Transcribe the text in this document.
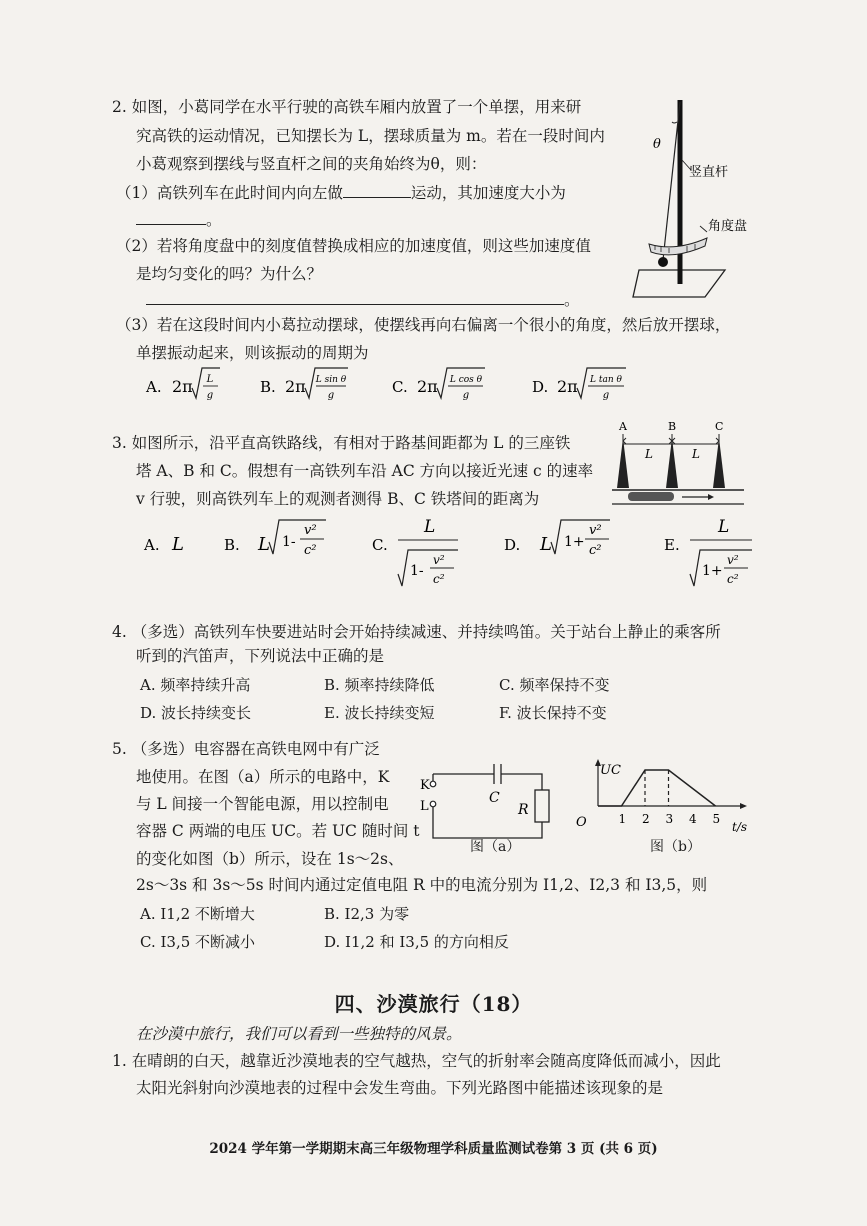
2. 如图，小葛同学在水平行驶的高铁车厢内放置了一个单摆，用来研
究高铁的运动情况，已知摆长为 L，摆球质量为 m。若在一段时间内
小葛观察到摆线与竖直杆之间的夹角始终为θ，则：
（1）高铁列车在此时间内向左做	运动，其加速度大小为
。
（2）若将角度盘中的刻度值替换成相应的加速度值，则这些加速度值
是均匀变化的吗？为什么？
。
（3）若在这段时间内小葛拉动摆球，使摆线再向右偏离一个很小的角度，然后放开摆球，
单摆振动起来，则该振动的周期为
A. 2π L
g	B. 2π L sin θ
g	C. 2π L cos θ
g	D. 2π L tan θ
g
θ
竖直杆
角度盘
3. 如图所示，沿平直高铁路线，有相对于路基间距都为 L 的三座铁
塔 A、B 和 C。假想有一高铁列车沿 AC 方向以接近光速 c 的速率
v 行驶，则高铁列车上的观测者测得 B、C 铁塔间的距离为
A	B	C
L	L
A. L	B. L 1-
v²
c²	C.
L
1-
v²
c²
D. L 1+
v²
c²	E.
L
1+
v²
c²
4. （多选）高铁列车快要进站时会开始持续减速、并持续鸣笛。关于站台上静止的乘客所
听到的汽笛声，下列说法中正确的是
A. 频率持续升高	B. 频率持续降低	C. 频率保持不变
D. 波长持续变长	E. 波长持续变短	F. 波长保持不变
5. （多选）电容器在高铁电网中有广泛
地使用。在图（a）所示的电路中，K
与 L 间接一个智能电源，用以控制电
容器 C 两端的电压 UC。若 UC 随时间 t
的变化如图（b）所示，设在 1s～2s、
2s～3s 和 3s～5s 时间内通过定值电阻 R 中的电流分别为 I1,2、I2,3 和 I3,5，则
K
L
C
R
图（a）
1 2 3 4 5
UC
O	t/s
图（b）
A. I1,2 不断增大	B. I2,3 为零
C. I3,5 不断减小	D. I1,2 和 I3,5 的方向相反
四、沙漠旅行（18）
在沙漠中旅行，我们可以看到一些独特的风景。
1. 在晴朗的白天，越靠近沙漠地表的空气越热，空气的折射率会随高度降低而减小，因此
太阳光斜射向沙漠地表的过程中会发生弯曲。下列光路图中能描述该现象的是
2024 学年第一学期期末高三年级物理学科质量监测试卷第 3 页 (共 6 页)
